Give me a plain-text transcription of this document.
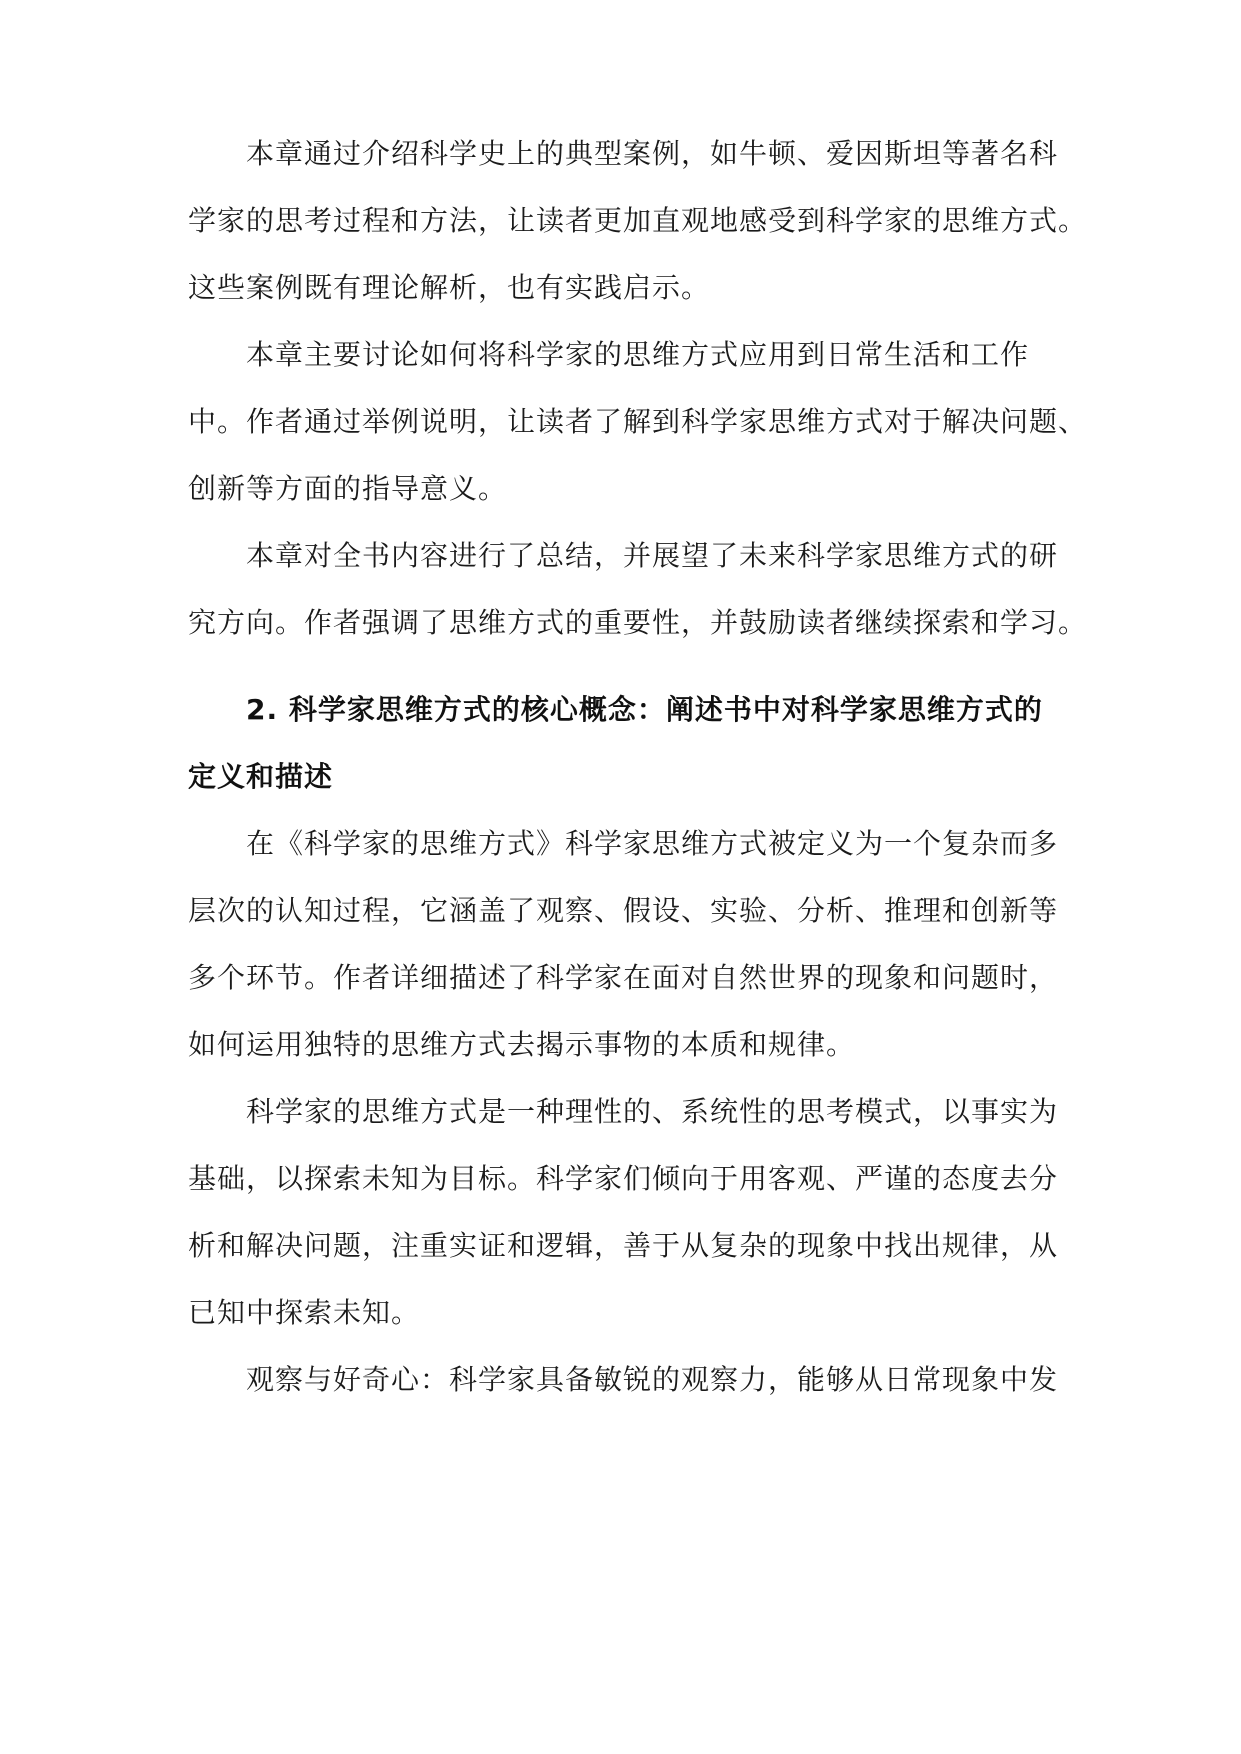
本章通过介绍科学史上的典型案例，如牛顿、爱因斯坦等著名科
学家的思考过程和方法，让读者更加直观地感受到科学家的思维方式。
这些案例既有理论解析，也有实践启示。
本章主要讨论如何将科学家的思维方式应用到日常生活和工作
中。作者通过举例说明，让读者了解到科学家思维方式对于解决问题、
创新等方面的指导意义。
本章对全书内容进行了总结，并展望了未来科学家思维方式的研
究方向。作者强调了思维方式的重要性，并鼓励读者继续探索和学习。
2. 科学家思维方式的核心概念：阐述书中对科学家思维方式的
定义和描述
在《科学家的思维方式》科学家思维方式被定义为一个复杂而多
层次的认知过程，它涵盖了观察、假设、实验、分析、推理和创新等
多个环节。作者详细描述了科学家在面对自然世界的现象和问题时，
如何运用独特的思维方式去揭示事物的本质和规律。
科学家的思维方式是一种理性的、系统性的思考模式，以事实为
基础，以探索未知为目标。科学家们倾向于用客观、严谨的态度去分
析和解决问题，注重实证和逻辑，善于从复杂的现象中找出规律，从
已知中探索未知。
观察与好奇心：科学家具备敏锐的观察力，能够从日常现象中发
